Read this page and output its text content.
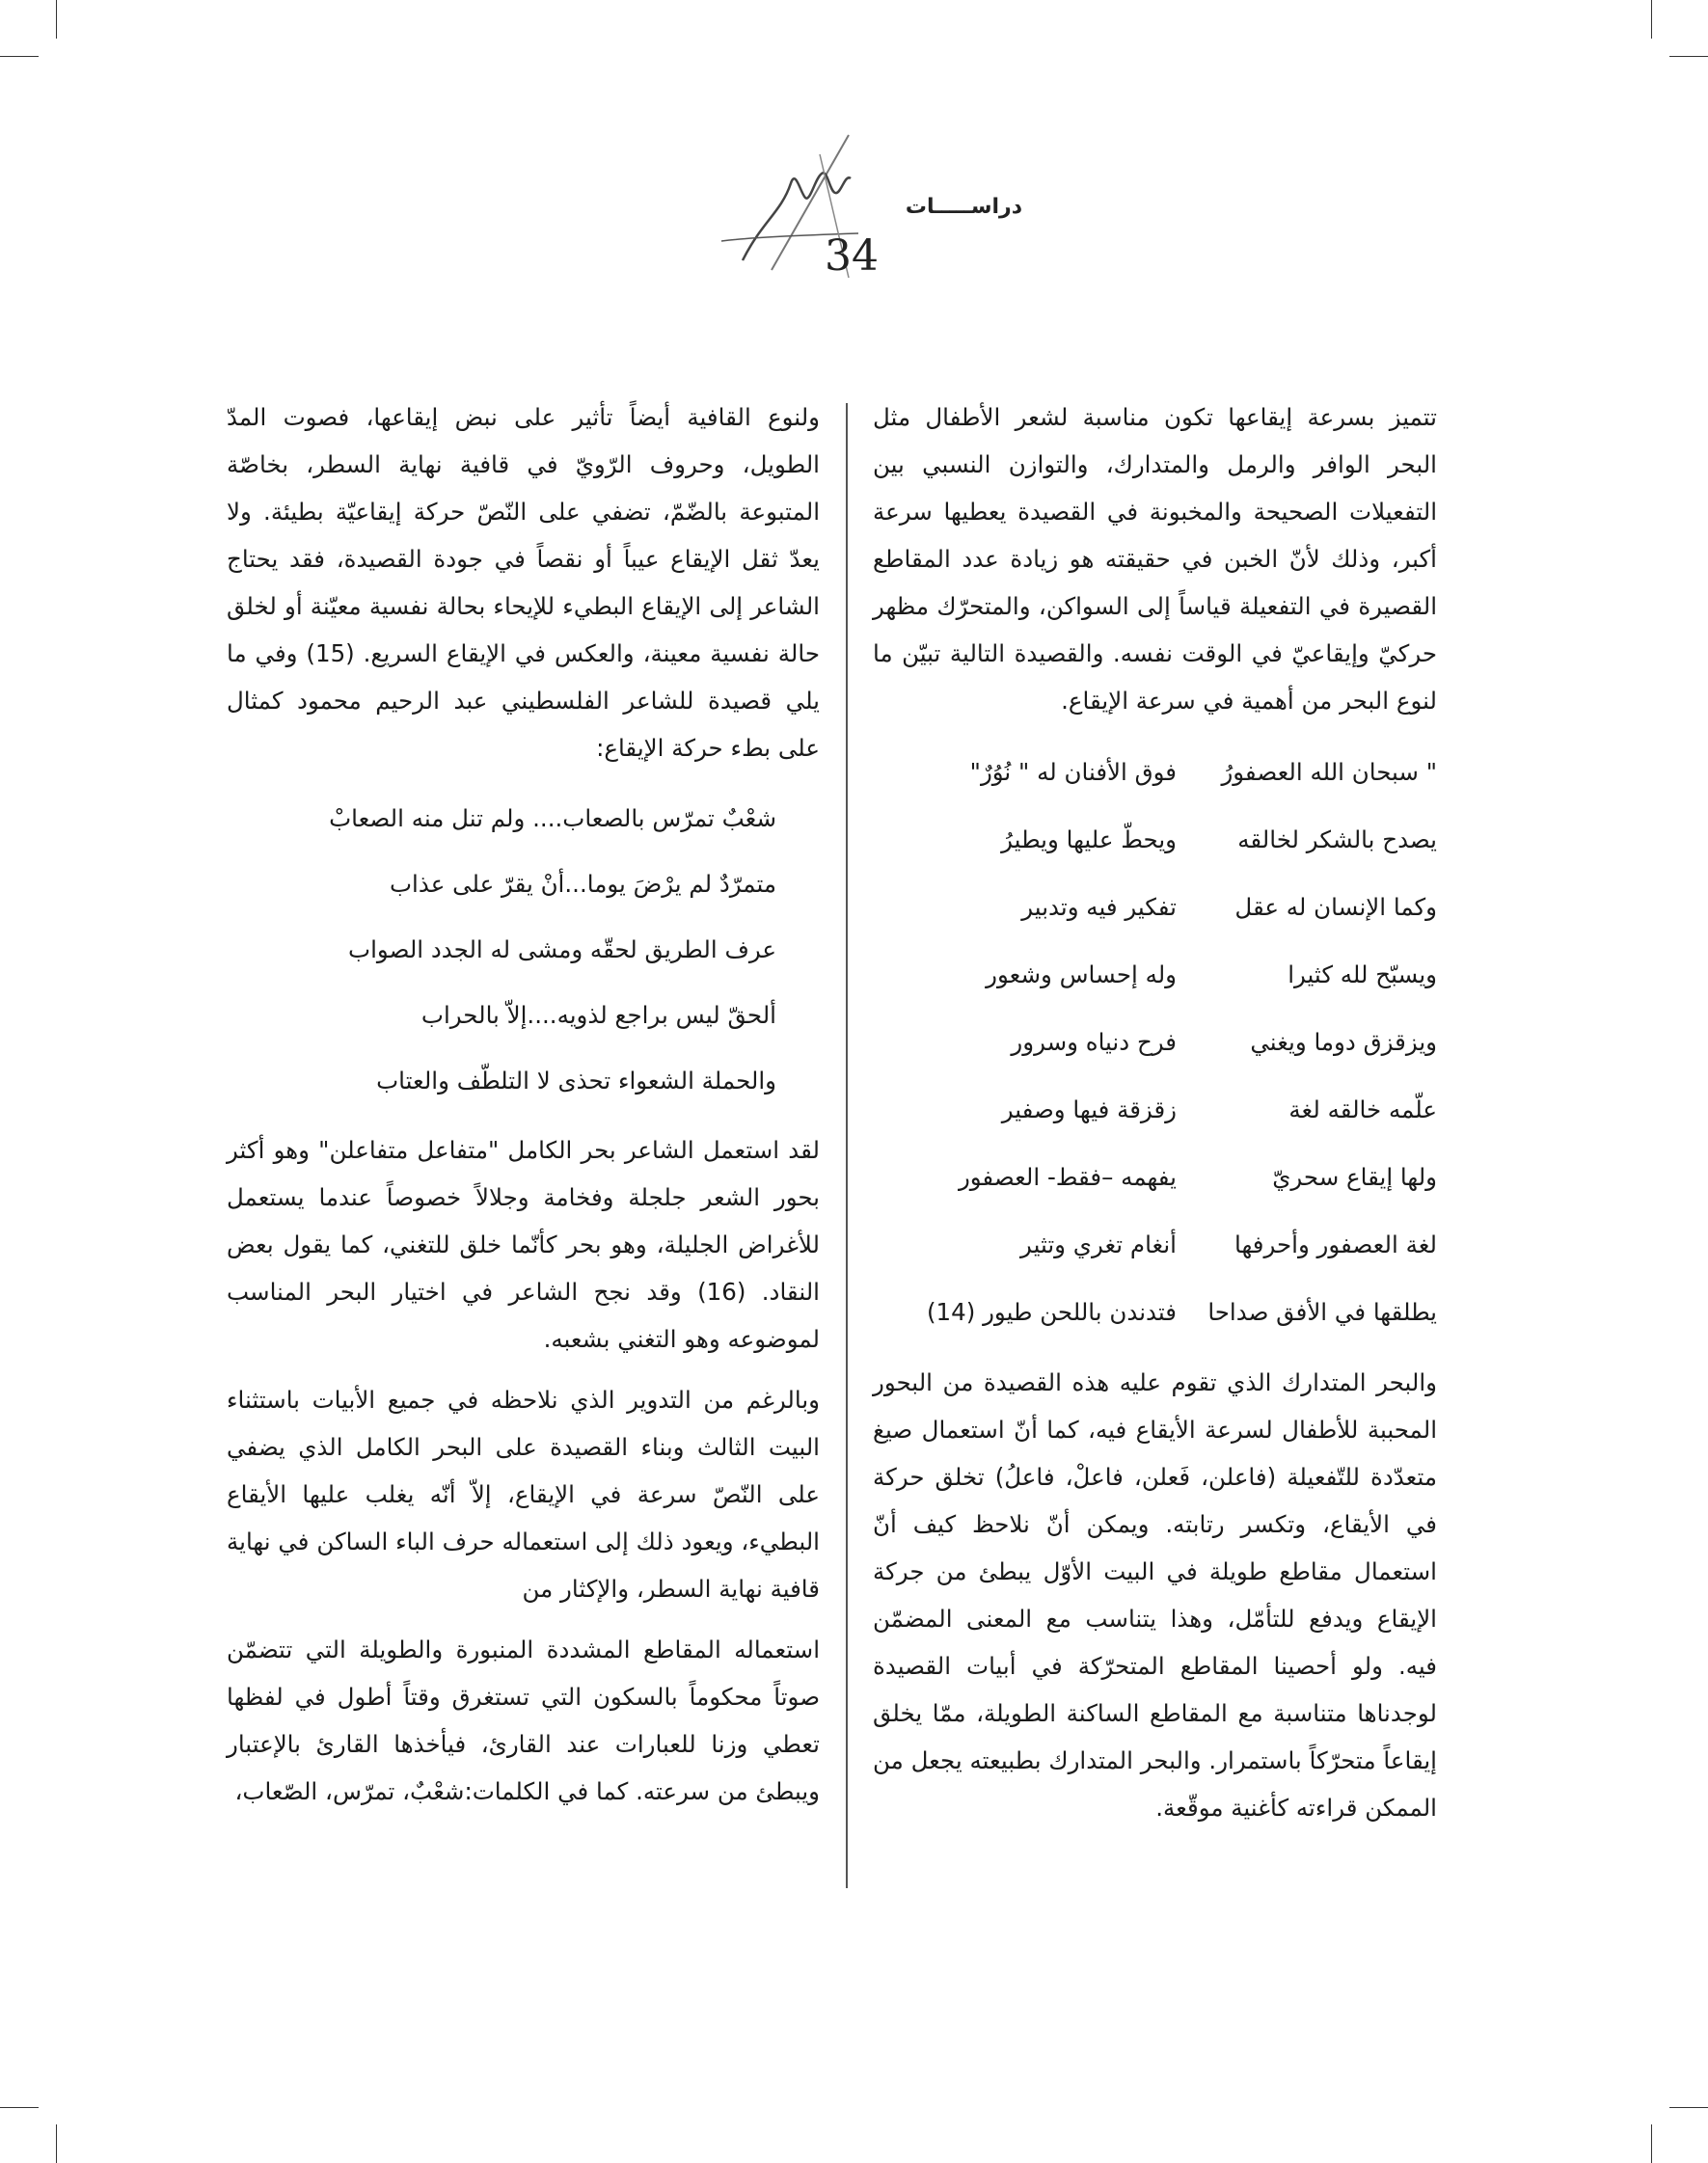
دراســـــات
34

تتميز بسرعة إيقاعها تكون مناسبة لشعر الأطفال مثل البحر الوافر والرمل والمتدارك، والتوازن النسبي بين التفعيلات الصحيحة والمخبونة في القصيدة يعطيها سرعة أكبر، وذلك لأنّ الخبن في حقيقته هو زيادة عدد المقاطع القصيرة في التفعيلة قياساً إلى السواكن، والمتحرّك مظهر حركيّ وإيقاعيّ في الوقت نفسه. والقصيدة التالية تبيّن ما لنوع البحر من أهمية في سرعة الإيقاع.

" سبحان الله العصفورُ
فوق الأفنان له " نُوُرٌ"
يصدح بالشكر لخالقه
ويحطّ عليها ويطيرُ
وكما الإنسان له عقل
تفكير فيه وتدبير
ويسبّح لله كثيرا
وله إحساس وشعور
ويزقزق دوما ويغني
فرح دنياه وسرور
علّمه خالقه لغة
زقزقة فيها وصفير
ولها إيقاع سحريّ
يفهمه –فقط- العصفور
لغة العصفور وأحرفها
أنغام تغري وتثير
يطلقها في الأفق صداحا
فتدندن باللحن طيور (14)

والبحر المتدارك الذي تقوم عليه هذه القصيدة من البحور المحببة للأطفال لسرعة الأيقاع فيه، كما أنّ استعمال صيغ متعدّدة للتّفعيلة (فاعلن، فَعلن، فاعلْ، فاعلُ) تخلق حركة في الأيقاع، وتكسر رتابته. ويمكن أنّ نلاحظ كيف أنّ استعمال مقاطع طويلة في البيت الأوّل يبطئ من جركة الإيقاع ويدفع للتأمّل، وهذا يتناسب مع المعنى المضمّن فيه. ولو أحصينا المقاطع المتحرّكة في أبيات القصيدة لوجدناها متناسبة مع المقاطع الساكنة الطويلة، ممّا يخلق إيقاعاً متحرّكاً باستمرار. والبحر المتدارك بطبيعته يجعل من الممكن قراءته كأغنية موقّعة.

ولنوع القافية أيضاً تأثير على نبض إيقاعها، فصوت المدّ الطويل، وحروف الرّويّ في قافية نهاية السطر، بخاصّة المتبوعة بالضّمّ، تضفي على النّصّ حركة إيقاعيّة بطيئة. ولا يعدّ ثقل الإيقاع عيباً أو نقصاً في جودة القصيدة، فقد يحتاج الشاعر إلى الإيقاع البطيء للإيحاء بحالة نفسية معيّنة أو لخلق حالة نفسية معينة، والعكس في الإيقاع السريع. (15) وفي ما يلي قصيدة للشاعر الفلسطيني عبد الرحيم محمود كمثال على بطء حركة الإيقاع:

شعْبٌ تمرّس بالصعاب.... ولم تنل منه الصعابْ
متمرّدٌ لم يرْضَ يوما...أنْ يقرّ على عذاب
عرف الطريق لحقّه ومشى له الجدد الصواب
ألحقّ ليس براجع لذويه....إلاّ بالحراب
والحملة الشعواء تحذى لا التلطّف والعتاب

لقد استعمل الشاعر بحر الكامل "متفاعل متفاعلن" وهو أكثر بحور الشعر جلجلة وفخامة وجلالاً خصوصاً عندما يستعمل للأغراض الجليلة، وهو بحر كأنّما خلق للتغني، كما يقول بعض النقاد. (16) وقد نجح الشاعر في اختيار البحر المناسب لموضوعه وهو التغني بشعبه.

وبالرغم من التدوير الذي نلاحظه في جميع الأبيات باستثناء البيت الثالث وبناء القصيدة على البحر الكامل الذي يضفي على النّصّ سرعة في الإيقاع، إلاّ أنّه يغلب عليها الأيقاع البطيء، ويعود ذلك إلى استعماله حرف الباء الساكن في نهاية قافية نهاية السطر، والإكثار من

استعماله المقاطع المشددة المنبورة والطويلة التي تتضمّن صوتاً محكوماً بالسكون التي تستغرق وقتاً أطول في لفظها تعطي وزنا للعبارات عند القارئ، فيأخذها القارئ بالإعتبار ويبطئ من سرعته. كما في الكلمات:شعْبٌ، تمرّس، الصّعاب،
